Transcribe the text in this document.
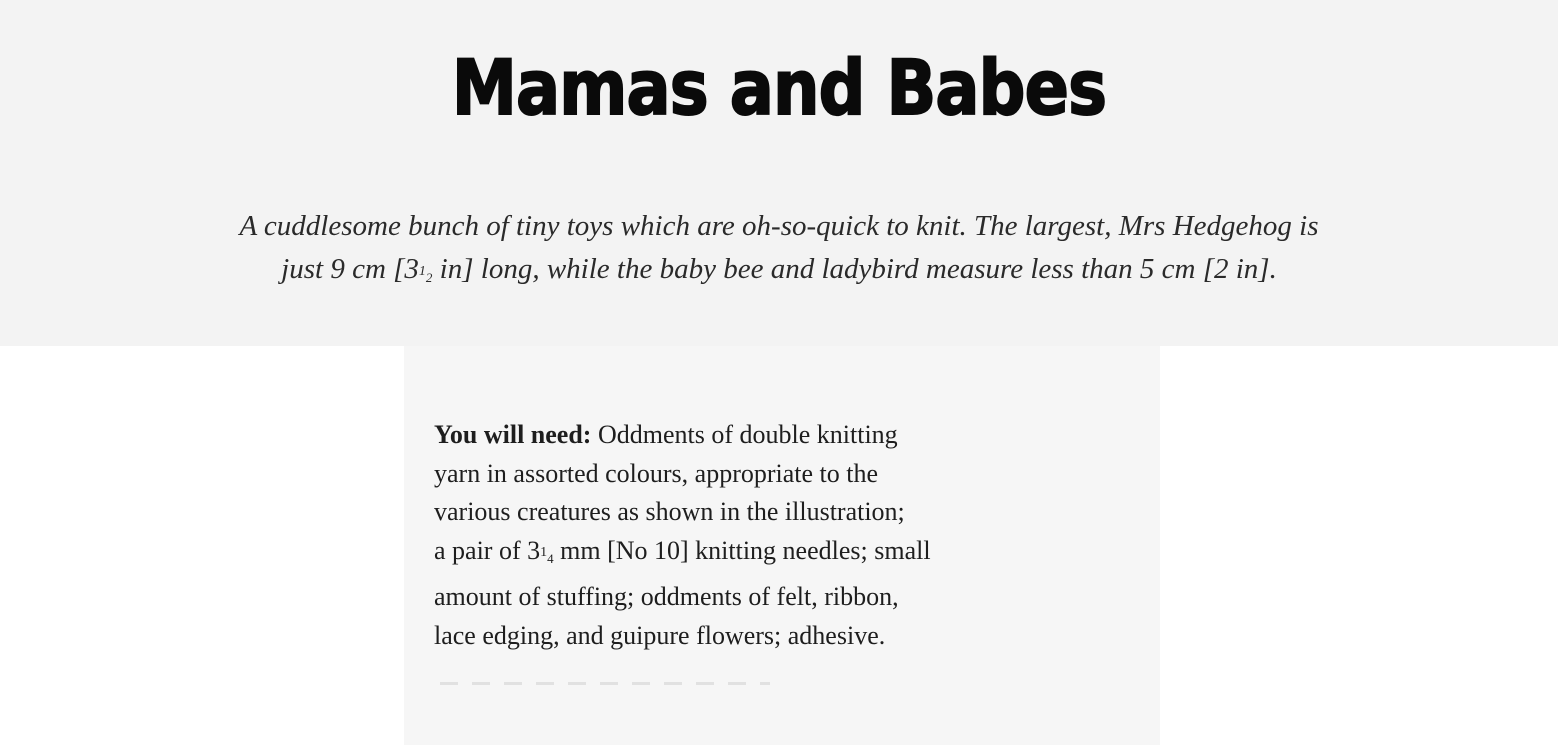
Mamas and Babes

A cuddlesome bunch of tiny toys which are oh-so-quick to knit. The largest, Mrs Hedgehog is

just 9 cm [312 in] long, while the baby bee and ladybird measure less than 5 cm [2 in].

You will need: Oddments of double knitting
yarn in assorted colours, appropriate to the
various creatures as shown in the illustration;
a pair of 314 mm [No 10] knitting needles; small
amount of stuffing; oddments of felt, ribbon,
lace edging, and guipure flowers; adhesive.
